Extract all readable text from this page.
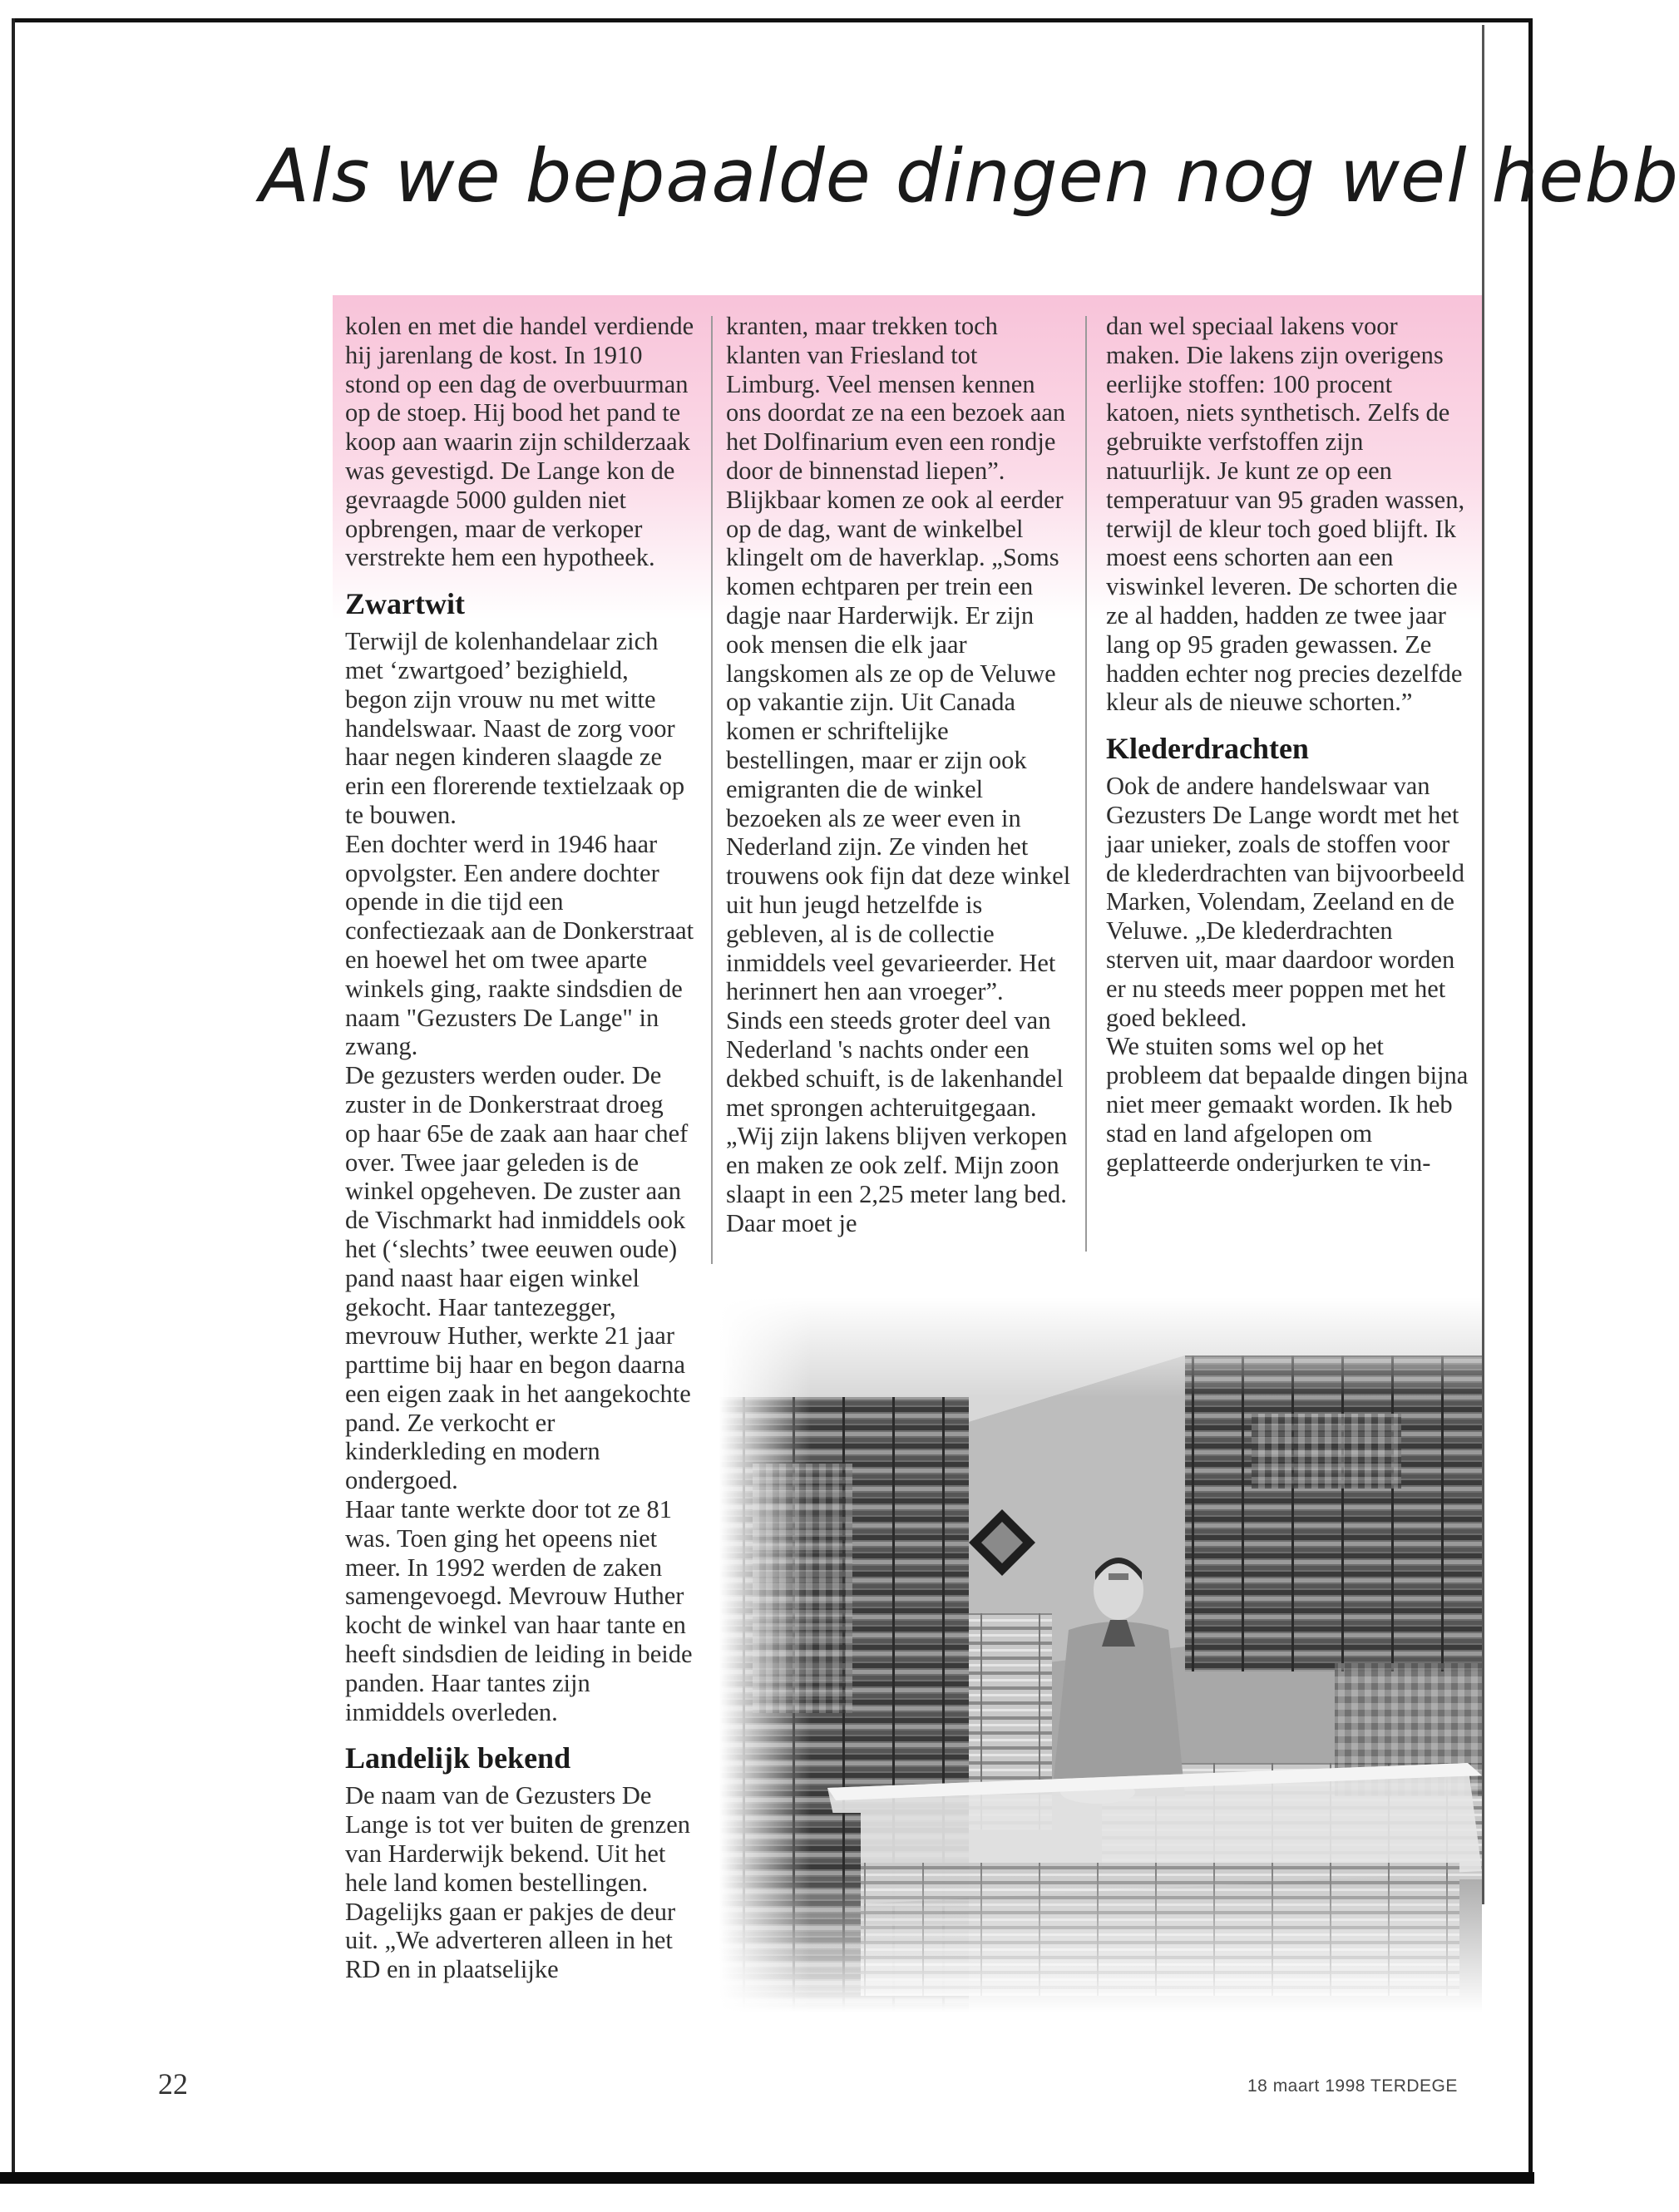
Als we bepaalde dingen nog wel hebb

kolen en met die handel verdiende hij jarenlang de kost. In 1910 stond op een dag de overbuurman op de stoep. Hij bood het pand te koop aan waarin zijn schilderzaak was gevestigd. De Lange kon de gevraagde 5000 gulden niet opbrengen, maar de verkoper verstrekte hem een hypotheek.

Zwartwit

Terwijl de kolenhandelaar zich met ‘zwartgoed’ bezighield, begon zijn vrouw nu met witte handelswaar. Naast de zorg voor haar negen kinderen slaagde ze erin een florerende textielzaak op te bouwen.

Een dochter werd in 1946 haar opvolgster. Een andere dochter opende in die tijd een confectiezaak aan de Donkerstraat en hoewel het om twee aparte winkels ging, raakte sindsdien de naam "Gezusters De Lange" in zwang.

De gezusters werden ouder. De zuster in de Donkerstraat droeg op haar 65e de zaak aan haar chef over. Twee jaar geleden is de winkel opgeheven. De zuster aan de Vischmarkt had inmiddels ook het (‘slechts’ twee eeuwen oude) pand naast haar eigen winkel gekocht. Haar tantezegger, mevrouw Huther, werkte 21 jaar parttime bij haar en begon daarna een eigen zaak in het aangekochte pand. Ze verkocht er kinderkleding en modern ondergoed.

Haar tante werkte door tot ze 81 was. Toen ging het opeens niet meer. In 1992 werden de zaken samengevoegd. Mevrouw Huther kocht de winkel van haar tante en heeft sindsdien de leiding in beide panden. Haar tantes zijn inmiddels overleden.

Landelijk bekend

De naam van de Gezusters De Lange is tot ver buiten de grenzen van Harderwijk bekend. Uit het hele land komen bestellingen. Dagelijks gaan er pakjes de deur uit. „We adverteren alleen in het RD en in plaatselijke

kranten, maar trekken toch klanten van Friesland tot Limburg. Veel mensen kennen ons doordat ze na een bezoek aan het Dolfinarium even een rondje door de binnenstad liepen”. Blijkbaar komen ze ook al eerder op de dag, want de winkelbel klingelt om de haverklap. „Soms komen echtparen per trein een dagje naar Harderwijk. Er zijn ook mensen die elk jaar langskomen als ze op de Veluwe op vakantie zijn. Uit Canada komen er schriftelijke bestellingen, maar er zijn ook emigranten die de winkel bezoeken als ze weer even in Nederland zijn. Ze vinden het trouwens ook fijn dat deze winkel uit hun jeugd hetzelfde is gebleven, al is de collectie inmiddels veel gevarieerder. Het herinnert hen aan vroeger”.

Sinds een steeds groter deel van Nederland 's nachts onder een dekbed schuift, is de lakenhandel met sprongen achteruitgegaan. „Wij zijn lakens blijven verkopen en maken ze ook zelf. Mijn zoon slaapt in een 2,25 meter lang bed. Daar moet je

dan wel speciaal lakens voor maken. Die lakens zijn overigens eerlijke stoffen: 100 procent katoen, niets synthetisch. Zelfs de gebruikte verfstoffen zijn natuurlijk. Je kunt ze op een temperatuur van 95 graden wassen, terwijl de kleur toch goed blijft. Ik moest eens schorten aan een viswinkel leveren. De schorten die ze al hadden, hadden ze twee jaar lang op 95 graden gewassen. Ze hadden echter nog precies dezelfde kleur als de nieuwe schorten.”

Klederdrachten

Ook de andere handelswaar van Gezusters De Lange wordt met het jaar unieker, zoals de stoffen voor de klederdrachten van bijvoorbeeld Marken, Volendam, Zeeland en de Veluwe. „De klederdrachten sterven uit, maar daardoor worden er nu steeds meer poppen met het goed bekleed.

We stuiten soms wel op het probleem dat bepaalde dingen bijna niet meer gemaakt worden. Ik heb stad en land afgelopen om geplatteerde onderjurken te vin-

22	18 maart 1998 TERDEGE
